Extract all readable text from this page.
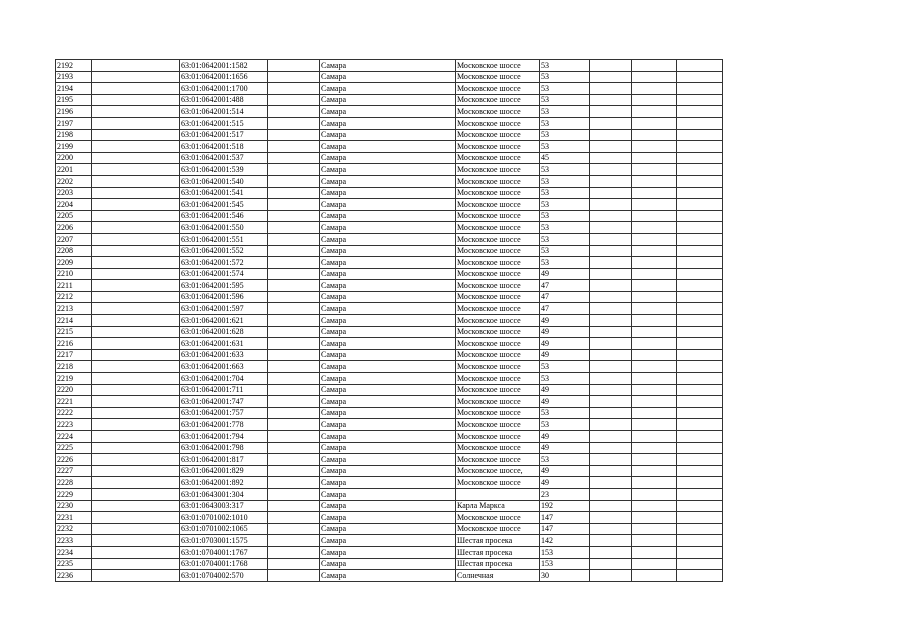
2192		63:01:0642001:1582		Самара	Московское шоссе	53			
2193		63:01:0642001:1656		Самара	Московское шоссе	53			
2194		63:01:0642001:1700		Самара	Московское шоссе	53			
2195		63:01:0642001:488		Самара	Московское шоссе	53			
2196		63:01:0642001:514		Самара	Московское шоссе	53			
2197		63:01:0642001:515		Самара	Московское шоссе	53			
2198		63:01:0642001:517		Самара	Московское шоссе	53			
2199		63:01:0642001:518		Самара	Московское шоссе	53			
2200		63:01:0642001:537		Самара	Московское шоссе	45			
2201		63:01:0642001:539		Самара	Московское шоссе	53			
2202		63:01:0642001:540		Самара	Московское шоссе	53			
2203		63:01:0642001:541		Самара	Московское шоссе	53			
2204		63:01:0642001:545		Самара	Московское шоссе	53			
2205		63:01:0642001:546		Самара	Московское шоссе	53			
2206		63:01:0642001:550		Самара	Московское шоссе	53			
2207		63:01:0642001:551		Самара	Московское шоссе	53			
2208		63:01:0642001:552		Самара	Московское шоссе	53			
2209		63:01:0642001:572		Самара	Московское шоссе	53			
2210		63:01:0642001:574		Самара	Московское шоссе	49			
2211		63:01:0642001:595		Самара	Московское шоссе	47			
2212		63:01:0642001:596		Самара	Московское шоссе	47			
2213		63:01:0642001:597		Самара	Московское шоссе	47			
2214		63:01:0642001:621		Самара	Московское шоссе	49			
2215		63:01:0642001:628		Самара	Московское шоссе	49			
2216		63:01:0642001:631		Самара	Московское шоссе	49			
2217		63:01:0642001:633		Самара	Московское шоссе	49			
2218		63:01:0642001:663		Самара	Московское шоссе	53			
2219		63:01:0642001:704		Самара	Московское шоссе	53			
2220		63:01:0642001:711		Самара	Московское шоссе	49			
2221		63:01:0642001:747		Самара	Московское шоссе	49			
2222		63:01:0642001:757		Самара	Московское шоссе	53			
2223		63:01:0642001:778		Самара	Московское шоссе	53			
2224		63:01:0642001:794		Самара	Московское шоссе	49			
2225		63:01:0642001:798		Самара	Московское шоссе	49			
2226		63:01:0642001:817		Самара	Московское шоссе	53			
2227		63:01:0642001:829		Самара	Московское шоссе,	49			
2228		63:01:0642001:892		Самара	Московское шоссе	49			
2229		63:01:0643001:304		Самара		23			
2230		63:01:0643003:317		Самара	Карла Маркса	192			
2231		63:01:0701002:1010		Самара	Московское шоссе	147			
2232		63:01:0701002:1065		Самара	Московское шоссе	147			
2233		63:01:0703001:1575		Самара	Шестая просека	142			
2234		63:01:0704001:1767		Самара	Шестая просека	153			
2235		63:01:0704001:1768		Самара	Шестая просека	153			
2236		63:01:0704002:570		Самара	Солнечная	30			
